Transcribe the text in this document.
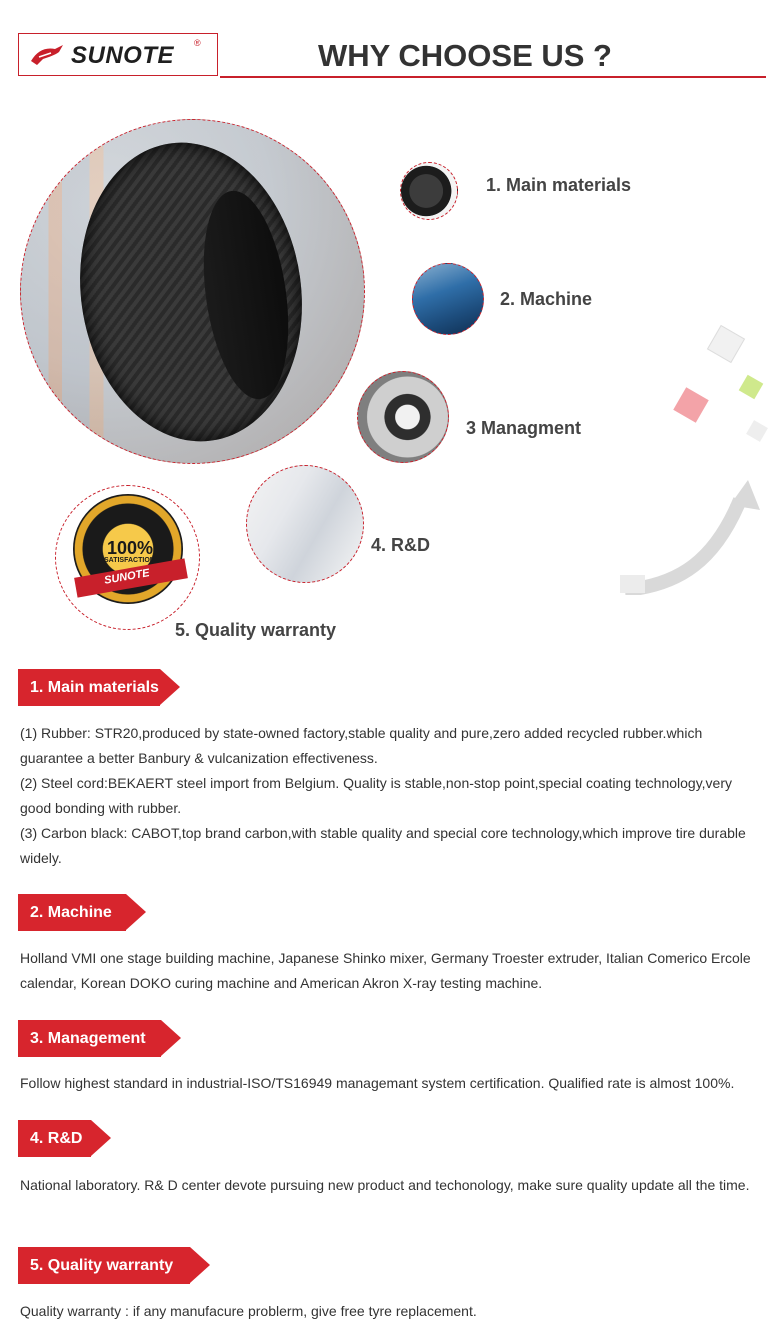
SUNOTE ®	WHY CHOOSE US ?
1. Main materials
2. Machine
3 Managment
4. R&D
100%
SATISFACTION
SUNOTE
5. Quality warranty
1. Main materials

(1) Rubber: STR20,produced by state-owned factory,stable quality and pure,zero added recycled rubber.which guarantee a better Banbury & vulcanization effectiveness.

(2) Steel cord:BEKAERT steel import from Belgium. Quality is stable,non-stop point,special coating technology,very good bonding with rubber.

(3) Carbon black: CABOT,top brand carbon,with stable quality and special core technology,which improve tire durable widely.

2. Machine

Holland VMI one stage building machine, Japanese Shinko mixer, Germany Troester extruder, Italian Comerico Ercole calendar, Korean DOKO curing machine and American Akron X-ray testing machine.

3. Management

Follow highest standard in industrial-ISO/TS16949 managemant system certification. Qualified rate is almost 100%.

4. R&D

National laboratory. R& D center devote pursuing new product and techonology, make sure quality update all the time.

5. Quality warranty

Quality warranty : if any manufacure problerm, give free tyre replacement.
